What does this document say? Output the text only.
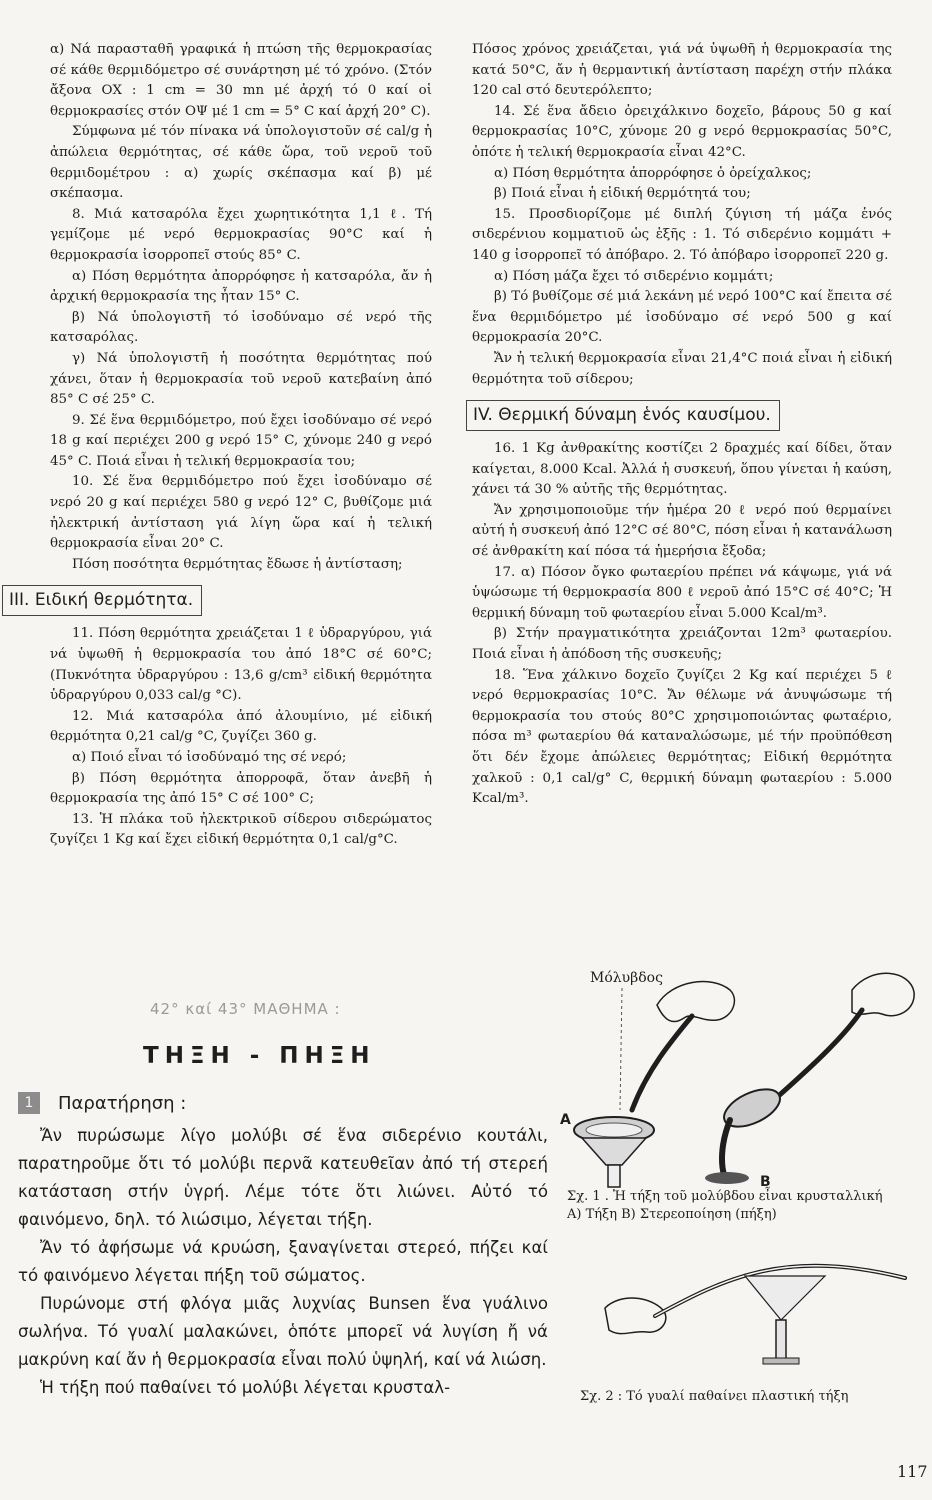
α) Νά παρασταθῆ γραφικά ἡ πτώση τῆς θερμοκρασίας σέ κάθε θερμιδόμετρο σέ συνάρτηση μέ τό χρόνο. (Στόν ἄξονα ΟΧ : 1 cm = 30 mn μέ ἀρχή τό 0 καί οἱ θερμοκρασίες στόν ΟΨ μέ 1 cm = 5° C καί ἀρχή 20° C).

Σύμφωνα μέ τόν πίνακα νά ὑπολογιστοῦν σέ cal/g ἡ ἀπώλεια θερμότητας, σέ κάθε ὥρα, τοῦ νεροῦ τοῦ θερμιδομέτρου : α) χωρίς σκέπασμα καί β) μέ σκέπασμα.

8. Μιά κατσαρόλα ἔχει χωρητικότητα 1,1 ℓ. Τή γεμίζομε μέ νερό θερμοκρασίας 90°C καί ἡ θερμοκρασία ἰσορροπεῖ στούς 85° C.

α) Πόση θερμότητα ἀπορρόφησε ἡ κατσαρόλα, ἄν ἡ ἀρχική θερμοκρασία της ἦταν 15° C.

β) Νά ὑπολογιστῆ τό ἰσοδύναμο σέ νερό τῆς κατσαρόλας.

γ) Νά ὑπολογιστῆ ἡ ποσότητα θερμότητας πού χάνει, ὅταν ἡ θερμοκρασία τοῦ νεροῦ κατεβαίνη ἀπό 85° C σέ 25° C.

9. Σέ ἕνα θερμιδόμετρο, πού ἔχει ἰσοδύναμο σέ νερό 18 g καί περιέχει 200 g νερό 15° C, χύνομε 240 g νερό 45° C. Ποιά εἶναι ἡ τελική θερμοκρασία του;

10. Σέ ἕνα θερμιδόμετρο πού ἔχει ἰσοδύναμο σέ νερό 20 g καί περιέχει 580 g νερό 12° C, βυθίζομε μιά ἠλεκτρική ἀντίσταση γιά λίγη ὥρα καί ἡ τελική θερμοκρασία εἶναι 20° C.

Πόση ποσότητα θερμότητας ἔδωσε ἡ ἀντίσταση;

III. Ειδική θερμότητα.

11. Πόση θερμότητα χρειάζεται 1 ℓ ὑδραργύρου, γιά νά ὑψωθῆ ἡ θερμοκρασία του ἀπό 18°C σέ 60°C; (Πυκνότητα ὑδραργύρου : 13,6 g/cm³ εἰδική θερμότητα ὑδραργύρου 0,033 cal/g °C).

12. Μιά κατσαρόλα ἀπό ἀλουμίνιο, μέ εἰδική θερμότητα 0,21 cal/g °C, ζυγίζει 360 g.

α) Ποιό εἶναι τό ἰσοδύναμό της σέ νερό;

β) Πόση θερμότητα ἀπορροφᾶ, ὅταν ἀνεβῆ ἡ θερμοκρασία της ἀπό 15° C σέ 100° C;

13. Ἡ πλάκα τοῦ ἠλεκτρικοῦ σίδερου σιδερώματος ζυγίζει 1 Kg καί ἔχει εἰδική θερμότητα 0,1 cal/g°C.

Πόσος χρόνος χρειάζεται, γιά νά ὑψωθῆ ἡ θερμοκρασία της κατά 50°C, ἄν ἡ θερμαντική ἀντίσταση παρέχη στήν πλάκα 120 cal στό δευτερόλεπτο;

14. Σέ ἕνα ἄδειο ὀρειχάλκινο δοχεῖο, βάρους 50 g καί θερμοκρασίας 10°C, χύνομε 20 g νερό θερμοκρασίας 50°C, ὁπότε ἡ τελική θερμοκρασία εἶναι 42°C.

α) Πόση θερμότητα ἀπορρόφησε ὁ ὀρείχαλκος;

β) Ποιά εἶναι ἡ εἰδική θερμότητά του;

15. Προσδιορίζομε μέ διπλή ζύγιση τή μάζα ἑνός σιδερένιου κομματιοῦ ὡς ἑξῆς : 1. Τό σιδερένιο κομμάτι + 140 g ἰσορροπεῖ τό ἀπόβαρο. 2. Τό ἀπόβαρο ἰσορροπεῖ 220 g.

α) Πόση μάζα ἔχει τό σιδερένιο κομμάτι;

β) Τό βυθίζομε σέ μιά λεκάνη μέ νερό 100°C καί ἔπειτα σέ ἕνα θερμιδόμετρο μέ ἰσοδύναμο σέ νερό 500 g καί θερμοκρασία 20°C.

Ἄν ἡ τελική θερμοκρασία εἶναι 21,4°C ποιά εἶναι ἡ εἰδική θερμότητα τοῦ σίδερου;

IV. Θερμική δύναμη ἑνός καυσίμου.

16. 1 Kg ἀνθρακίτης κοστίζει 2 δραχμές καί δίδει, ὅταν καίγεται, 8.000 Kcal. Ἀλλά ἡ συσκευή, ὅπου γίνεται ἡ καύση, χάνει τά 30 % αὐτῆς τῆς θερμότητας.

Ἄν χρησιμοποιοῦμε τήν ἡμέρα 20 ℓ νερό πού θερμαίνει αὐτή ἡ συσκευή ἀπό 12°C σέ 80°C, πόση εἶναι ἡ κατανάλωση σέ ἀνθρακίτη καί πόσα τά ἡμερήσια ἔξοδα;

17. α) Πόσον ὄγκο φωταερίου πρέπει νά κάψωμε, γιά νά ὑψώσωμε τή θερμοκρασία 800 ℓ νεροῦ ἀπό 15°C σέ 40°C; Ἡ θερμική δύναμη τοῦ φωταερίου εἶναι 5.000 Kcal/m³.

β) Στήν πραγματικότητα χρειάζονται 12m³ φωταερίου. Ποιά εἶναι ἡ ἀπόδοση τῆς συσκευῆς;

18. Ἕνα χάλκινο δοχεῖο ζυγίζει 2 Kg καί περιέχει 5 ℓ νερό θερμοκρασίας 10°C. Ἄν θέλωμε νά ἀνυψώσωμε τή θερμοκρασία του στούς 80°C χρησιμοποιώντας φωταέριο, πόσα m³ φωταερίου θά καταναλώσωμε, μέ τήν προϋπόθεση ὅτι δέν ἔχομε ἀπώλειες θερμότητας; Εἰδική θερμότητα χαλκοῦ : 0,1 cal/g° C, θερμική δύναμη φωταερίου : 5.000 Kcal/m³.

42° καί 43° ΜΑΘΗΜΑ :
ΤΗΞΗ - ΠΗΞΗ
1	Παρατήρηση :

Ἄν πυρώσωμε λίγο μολύβι σέ ἕνα σιδερένιο κουτάλι, παρατηροῦμε ὅτι τό μολύβι περνᾶ κατευθεῖαν ἀπό τή στερεή κατάσταση στήν ὑγρή. Λέμε τότε ὅτι λιώνει. Αὐτό τό φαινόμενο, δηλ. τό λιώσιμο, λέγεται τήξη.

Ἄν τό ἀφήσωμε νά κρυώση, ξαναγίνεται στερεό, πήζει καί τό φαινόμενο λέγεται πήξη τοῦ σώματος.

Πυρώνομε στή φλόγα μιᾶς λυχνίας Bunsen ἕνα γυάλινο σωλήνα. Τό γυαλί μαλακώνει, ὁπότε μπορεῖ νά λυγίση ἤ νά μακρύνη καί ἄν ἡ θερμοκρασία εἶναι πολύ ὑψηλή, καί νά λιώση.

Ἡ τήξη πού παθαίνει τό μολύβι λέγεται κρυσταλ-

Μόλυβδος
A
B
Σχ. 1 . Ἡ τήξη τοῦ μολύβδου εἶναι κρυσταλλική
A) Τήξη B) Στερεοποίηση (πήξη)
Σχ. 2 : Τό γυαλί παθαίνει πλαστική τήξη
117
